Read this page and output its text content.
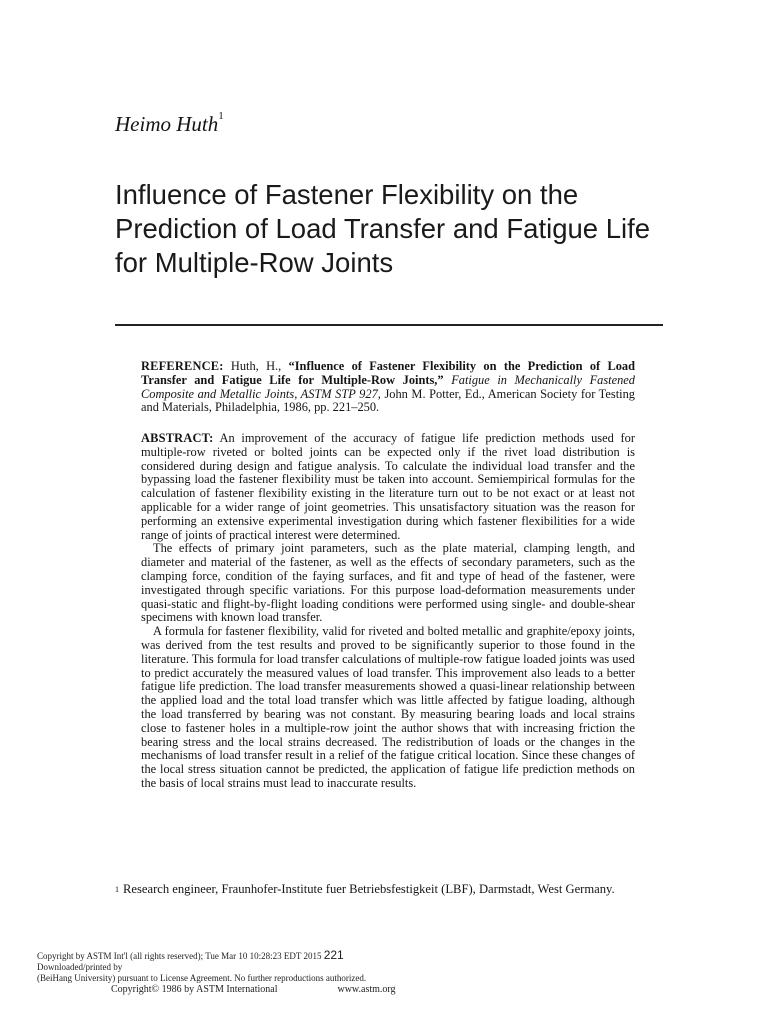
Heimo Huth$^1$
Influence of Fastener Flexibility on the Prediction of Load Transfer and Fatigue Life for Multiple-Row Joints

REFERENCE: Huth, H., “Influence of Fastener Flexibility on the Prediction of Load Transfer and Fatigue Life for Multiple-Row Joints,” Fatigue in Mechanically Fastened Composite and Metallic Joints, ASTM STP 927, John M. Potter, Ed., American Society for Testing and Materials, Philadelphia, 1986, pp. 221–250.

ABSTRACT: An improvement of the accuracy of fatigue life prediction methods used for multiple-row riveted or bolted joints can be expected only if the rivet load distribution is considered during design and fatigue analysis. To calculate the individual load transfer and the bypassing load the fastener flexibility must be taken into account. Semiempirical formulas for the calculation of fastener flexibility existing in the literature turn out to be not exact or at least not applicable for a wider range of joint geometries. This unsatisfactory situation was the reason for performing an extensive experimental investigation during which fastener flexibilities for a wide range of joints of practical interest were determined.

The effects of primary joint parameters, such as the plate material, clamping length, and diameter and material of the fastener, as well as the effects of secondary parameters, such as the clamping force, condition of the faying surfaces, and fit and type of head of the fastener, were investigated through specific variations. For this purpose load-deformation measurements under quasi-static and flight-by-flight loading conditions were performed using single- and double-shear specimens with known load transfer.

A formula for fastener flexibility, valid for riveted and bolted metallic and graphite/epoxy joints, was derived from the test results and proved to be significantly superior to those found in the literature. This formula for load transfer calculations of multiple-row fatigue loaded joints was used to predict accurately the measured values of load transfer. This improvement also leads to a better fatigue life prediction. The load transfer measurements showed a quasi-linear relationship between the applied load and the total load transfer which was little affected by fatigue loading, although the load transferred by bearing was not constant. By measuring bearing loads and local strains close to fastener holes in a multiple-row joint the author shows that with increasing friction the bearing stress and the local strains decreased. The redistribution of loads or the changes in the mechanisms of load transfer result in a relief of the fatigue critical location. Since these changes of the local stress situation cannot be predicted, the application of fatigue life prediction methods on the basis of local strains must lead to inaccurate results.

$^1$ Research engineer, Fraunhofer-Institute fuer Betriebsfestigkeit (LBF), Darmstadt, West Germany.
Copyright by ASTM Int'l (all rights reserved); Tue Mar 10 10:28:23 EDT 2015 221
Downloaded/printed by
(BeiHang University) pursuant to License Agreement. No further reproductions authorized.
Copyright© 1986 by ASTM International	www.astm.org
